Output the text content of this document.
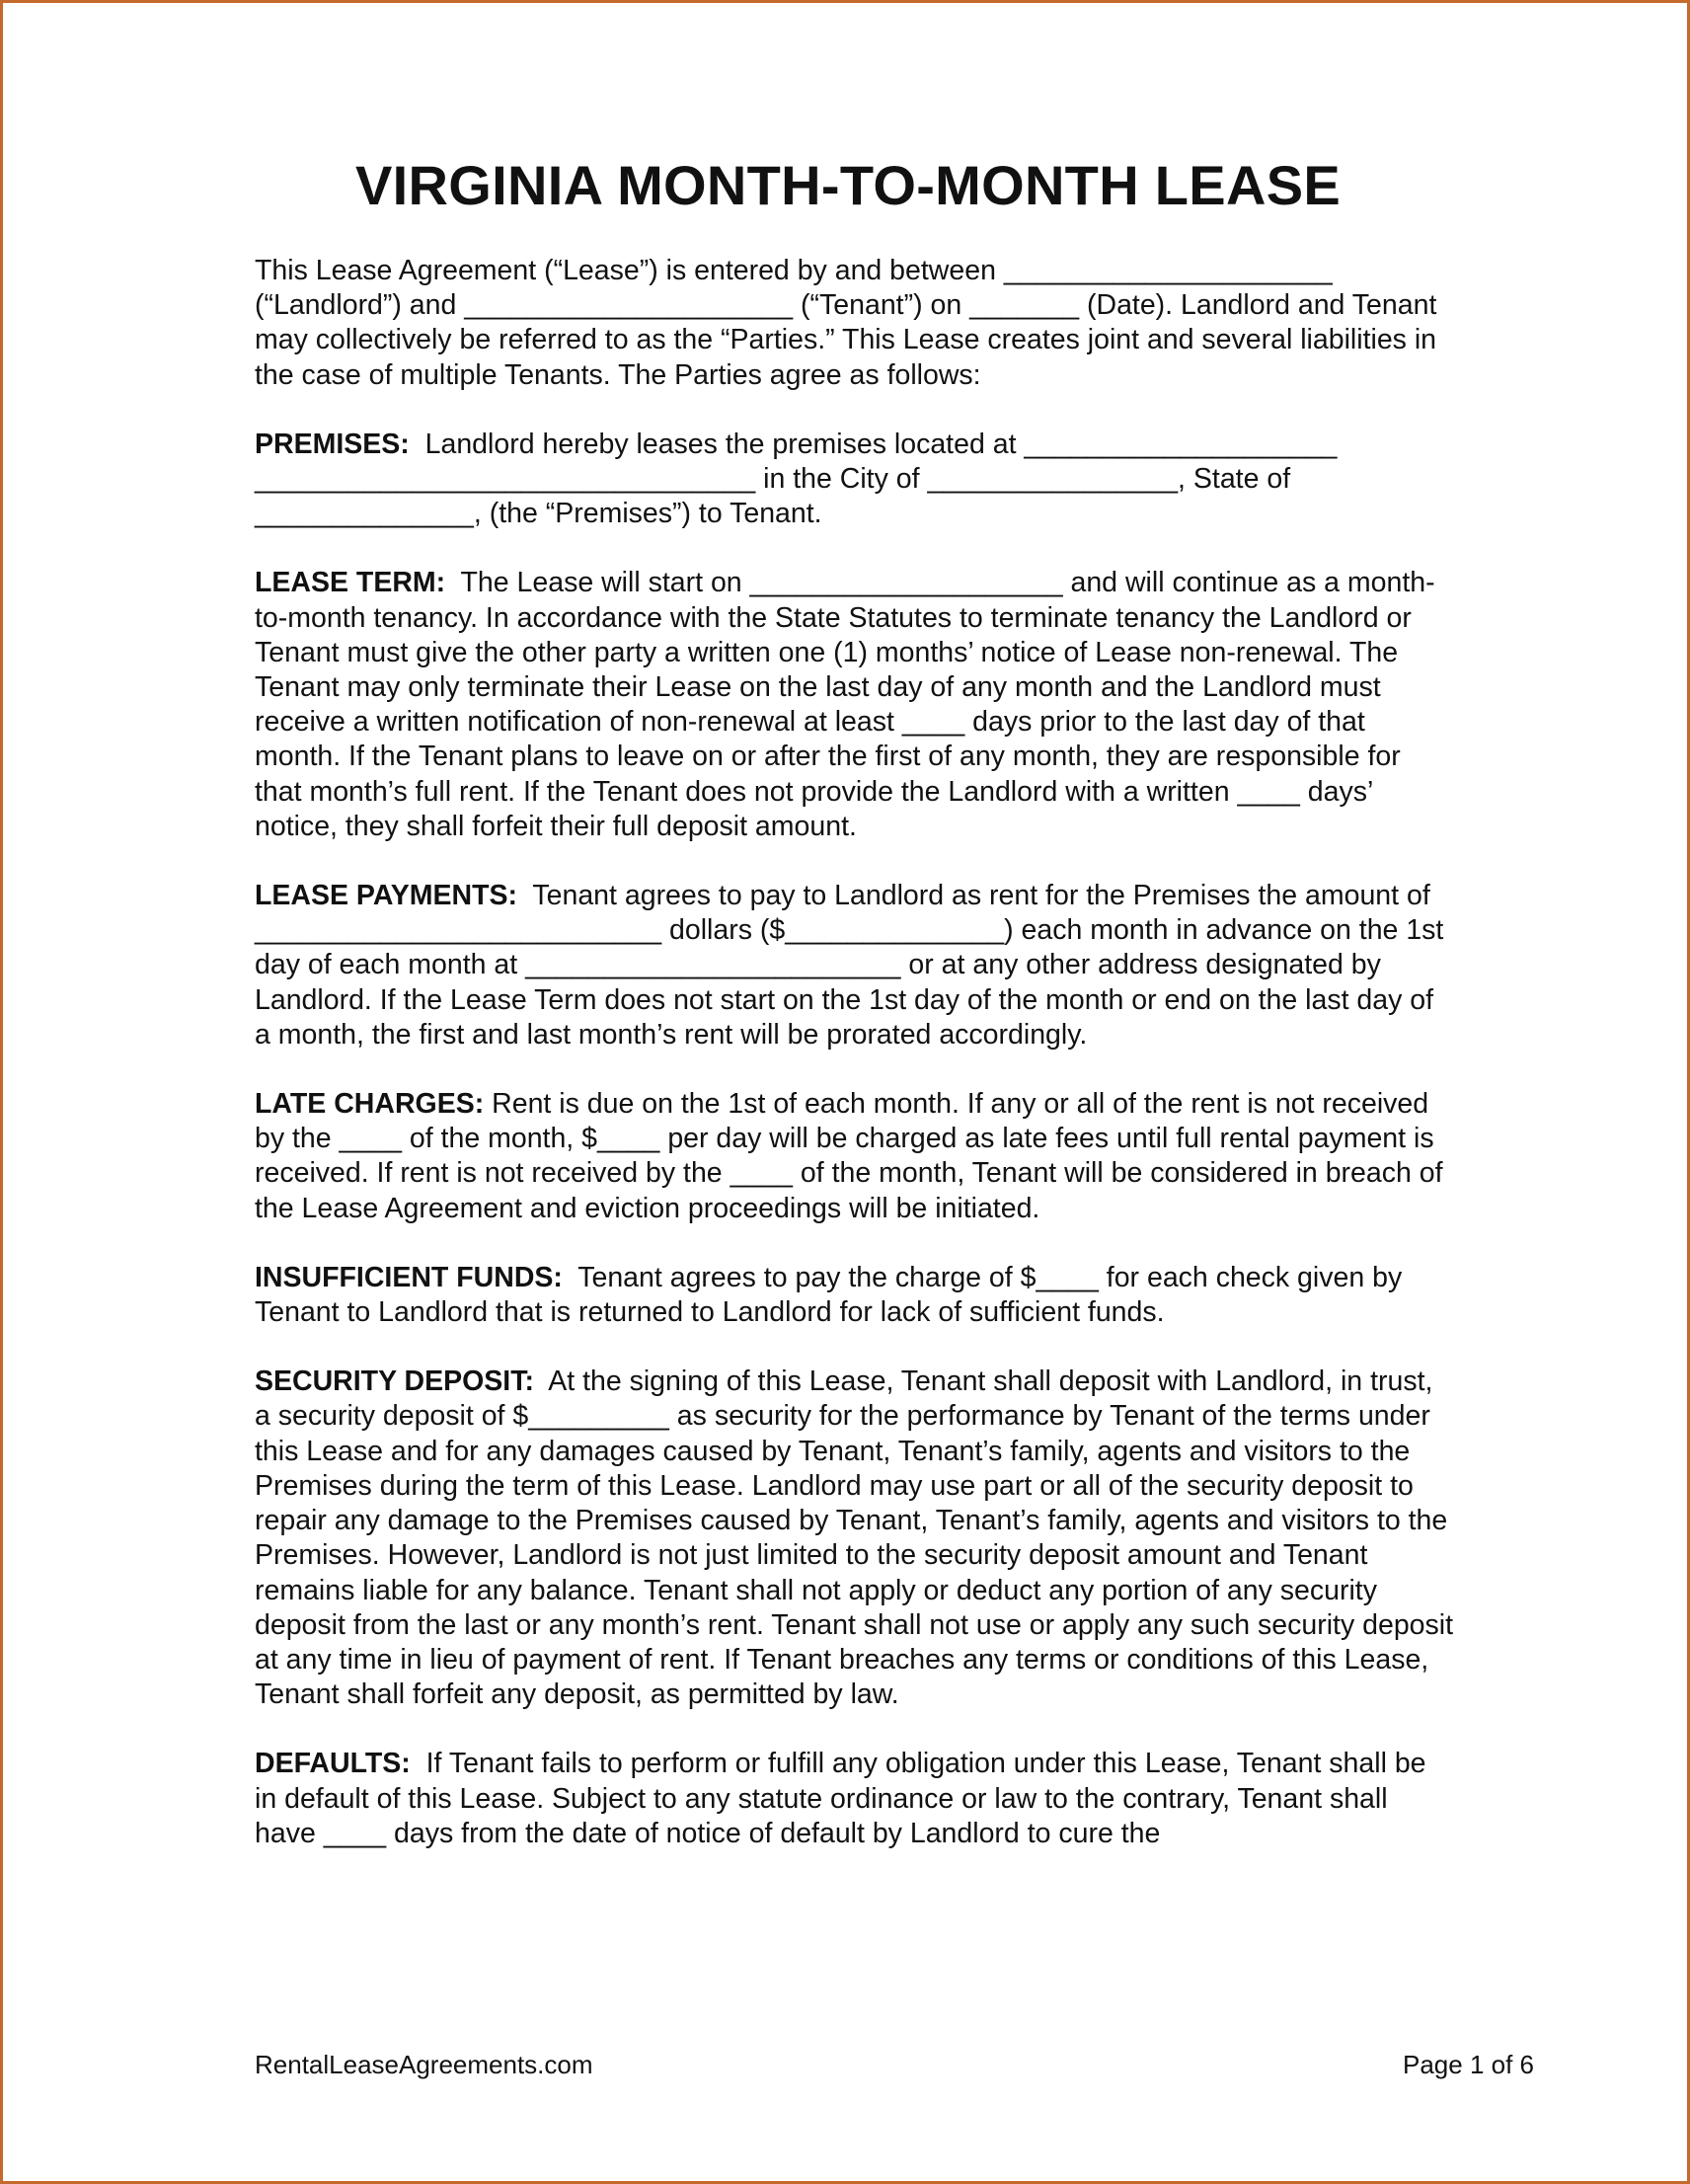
VIRGINIA MONTH-TO-MONTH LEASE

This Lease Agreement (“Lease”) is entered by and between _____________________ (“Landlord”) and _____________________ (“Tenant”) on _______ (Date). Landlord and Tenant may collectively be referred to as the “Parties.” This Lease creates joint and several liabilities in the case of multiple Tenants. The Parties agree as follows:

PREMISES: Landlord hereby leases the premises located at ____________________ ________________________________ in the City of ________________, State of ______________, (the “Premises”) to Tenant.

LEASE TERM: The Lease will start on ____________________ and will continue as a month-to-month tenancy. In accordance with the State Statutes to terminate tenancy the Landlord or Tenant must give the other party a written one (1) months’ notice of Lease non-renewal. The Tenant may only terminate their Lease on the last day of any month and the Landlord must receive a written notification of non-renewal at least ____ days prior to the last day of that month. If the Tenant plans to leave on or after the first of any month, they are responsible for that month’s full rent. If the Tenant does not provide the Landlord with a written ____ days’ notice, they shall forfeit their full deposit amount.

LEASE PAYMENTS: Tenant agrees to pay to Landlord as rent for the Premises the amount of __________________________ dollars ($______________) each month in advance on the 1st day of each month at ________________________ or at any other address designated by Landlord. If the Lease Term does not start on the 1st day of the month or end on the last day of a month, the first and last month’s rent will be prorated accordingly.

LATE CHARGES: Rent is due on the 1st of each month. If any or all of the rent is not received by the ____ of the month, $____ per day will be charged as late fees until full rental payment is received. If rent is not received by the ____ of the month, Tenant will be considered in breach of the Lease Agreement and eviction proceedings will be initiated.

INSUFFICIENT FUNDS: Tenant agrees to pay the charge of $____ for each check given by Tenant to Landlord that is returned to Landlord for lack of sufficient funds.

SECURITY DEPOSIT: At the signing of this Lease, Tenant shall deposit with Landlord, in trust, a security deposit of $_________ as security for the performance by Tenant of the terms under this Lease and for any damages caused by Tenant, Tenant’s family, agents and visitors to the Premises during the term of this Lease. Landlord may use part or all of the security deposit to repair any damage to the Premises caused by Tenant, Tenant’s family, agents and visitors to the Premises. However, Landlord is not just limited to the security deposit amount and Tenant remains liable for any balance. Tenant shall not apply or deduct any portion of any security deposit from the last or any month’s rent. Tenant shall not use or apply any such security deposit at any time in lieu of payment of rent. If Tenant breaches any terms or conditions of this Lease, Tenant shall forfeit any deposit, as permitted by law.

DEFAULTS: If Tenant fails to perform or fulfill any obligation under this Lease, Tenant shall be in default of this Lease. Subject to any statute ordinance or law to the contrary, Tenant shall have ____ days from the date of notice of default by Landlord to cure the

RentalLeaseAgreements.com	Page 1 of 6
